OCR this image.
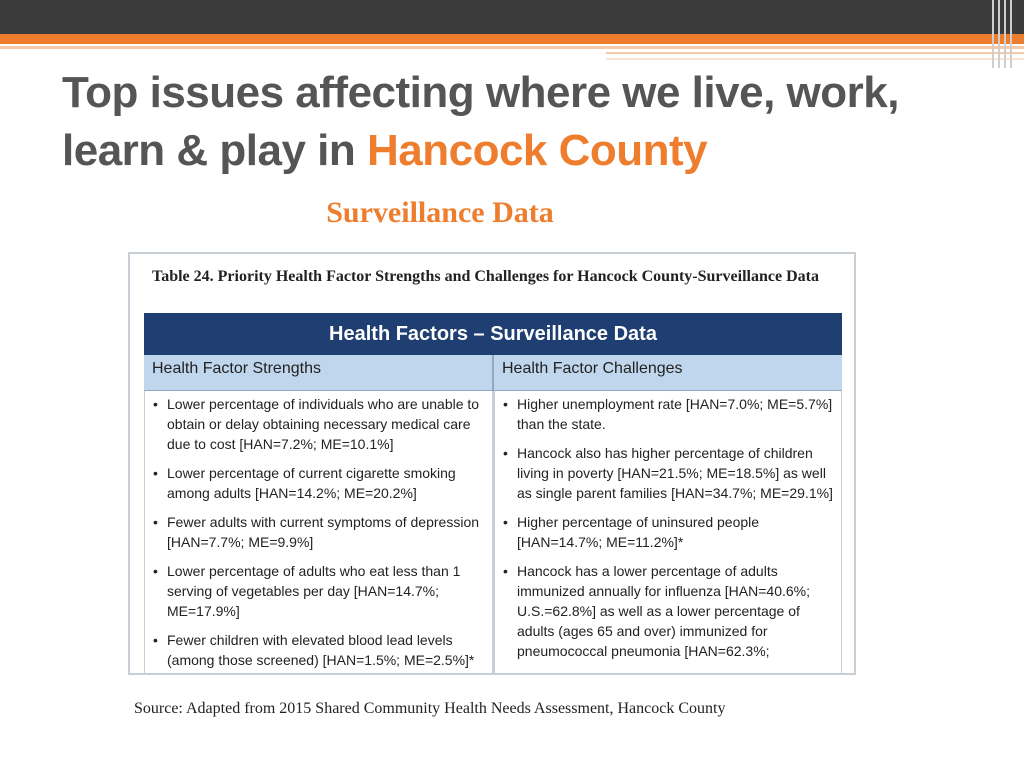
Top issues affecting where we live, work, learn & play in Hancock County
Surveillance Data
Table 24. Priority Health Factor Strengths and Challenges for Hancock County-Surveillance Data
Health Factors – Surveillance Data
Health Factor Strengths	Health Factor Challenges
• Lower percentage of individuals who are unable to obtain or delay obtaining necessary medical care due to cost [HAN=7.2%; ME=10.1%]
• Lower percentage of current cigarette smoking among adults [HAN=14.2%; ME=20.2%]
• Fewer adults with current symptoms of depression [HAN=7.7%; ME=9.9%]
• Lower percentage of adults who eat less than 1 serving of vegetables per day [HAN=14.7%; ME=17.9%]
• Fewer children with elevated blood lead levels (among those screened) [HAN=1.5%; ME=2.5%]*
• Higher unemployment rate [HAN=7.0%; ME=5.7%] than the state.
• Hancock also has higher percentage of children living in poverty [HAN=21.5%; ME=18.5%] as well as single parent families [HAN=34.7%; ME=29.1%]
• Higher percentage of uninsured people [HAN=14.7%; ME=11.2%]*
• Hancock has a lower percentage of adults immunized annually for influenza [HAN=40.6%; U.S.=62.8%] as well as a lower percentage of adults (ages 65 and over) immunized for pneumococcal pneumonia [HAN=62.3%;
Source: Adapted from 2015 Shared Community Health Needs Assessment, Hancock County
